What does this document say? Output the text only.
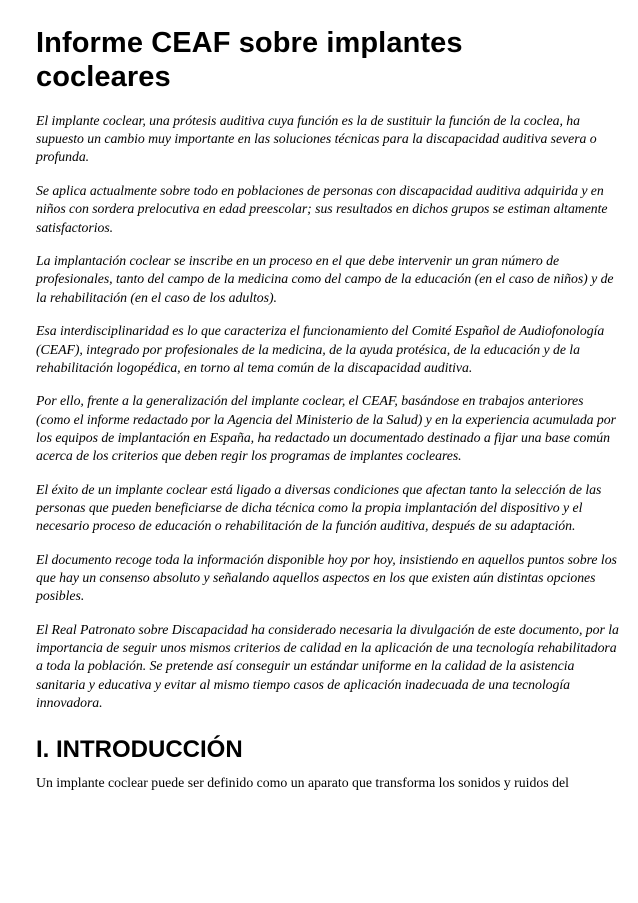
Informe CEAF sobre implantes
cocleares

El implante coclear, una prótesis auditiva cuya función es la de sustituir la función de la coclea, ha supuesto un cambio muy importante en las soluciones técnicas para la discapacidad auditiva severa o profunda.

Se aplica actualmente sobre todo en poblaciones de personas con discapacidad auditiva adquirida y en niños con sordera prelocutiva en edad preescolar; sus resultados en dichos grupos se estiman altamente satisfactorios.

La implantación coclear se inscribe en un proceso en el que debe intervenir un gran número de profesionales, tanto del campo de la medicina como del campo de la educación (en el caso de niños) y de la rehabilitación (en el caso de los adultos).

Esa interdisciplinaridad es lo que caracteriza el funcionamiento del Comité Español de Audiofonología (CEAF), integrado por profesionales de la medicina, de la ayuda protésica, de la educación y de la rehabilitación logopédica, en torno al tema común de la discapacidad auditiva.

Por ello, frente a la generalización del implante coclear, el CEAF, basándose en trabajos anteriores (como el informe redactado por la Agencia del Ministerio de la Salud) y en la experiencia acumulada por los equipos de implantación en España, ha redactado un documentado destinado a fijar una base común acerca de los criterios que deben regir los programas de implantes cocleares.

El éxito de un implante coclear está ligado a diversas condiciones que afectan tanto la selección de las personas que pueden beneficiarse de dicha técnica como la propia implantación del dispositivo y el necesario proceso de educación o rehabilitación de la función auditiva, después de su adaptación.

El documento recoge toda la información disponible hoy por hoy, insistiendo en aquellos puntos sobre los que hay un consenso absoluto y señalando aquellos aspectos en los que existen aún distintas opciones posibles.

El Real Patronato sobre Discapacidad ha considerado necesaria la divulgación de este documento, por la importancia de seguir unos mismos criterios de calidad en la aplicación de una tecnología rehabilitadora a toda la población. Se pretende así conseguir un estándar uniforme en la calidad de la asistencia sanitaria y educativa y evitar al mismo tiempo casos de aplicación inadecuada de una tecnología innovadora.

I. INTRODUCCIÓN

Un implante coclear puede ser definido como un aparato que transforma los sonidos y ruidos del
